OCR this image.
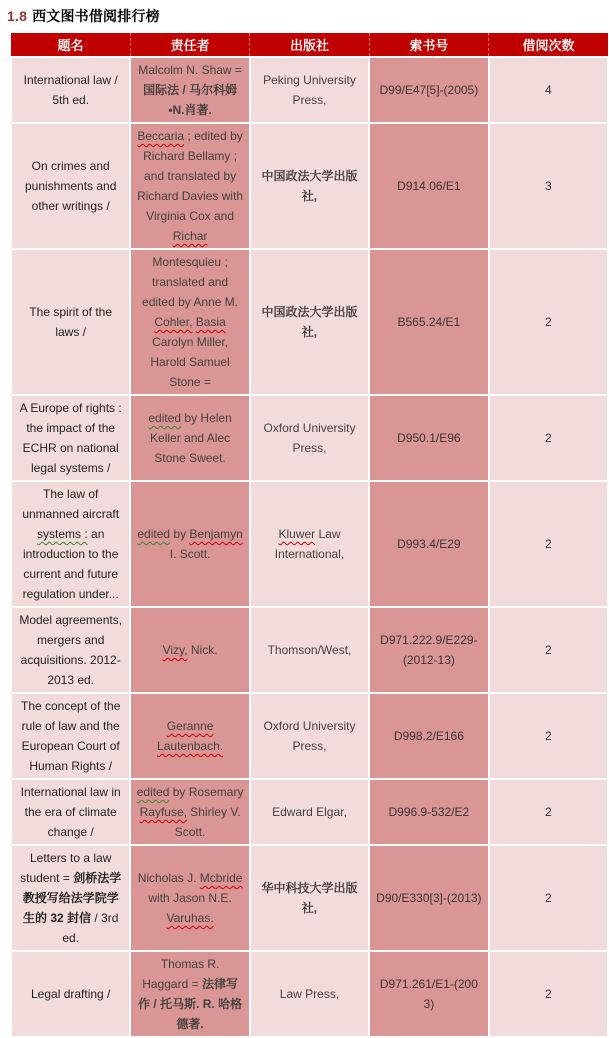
1.8 西文图书借阅排行榜
题名	责任者	出版社	索书号	借阅次数
International law / 5th ed.	Malcolm N. Shaw = 国际法 / 马尔科姆•N.肖著.	Peking University Press,	D99/E47[5]-(2005)	4
On crimes and punishments and other writings /	Beccaria ; edited by Richard Bellamy ; and translated by Richard Davies with Virginia Cox and Richar	中国政法大学出版社,	D914.06/E1	3
The spirit of the laws /	Montesquieu ; translated and edited by Anne M. Cohler, Basia Carolyn Miller, Harold Samuel Stone =	中国政法大学出版社,	B565.24/E1	2
A Europe of rights : the impact of the ECHR on national legal systems /	edited by Helen Keller and Alec Stone Sweet.	Oxford University Press,	D950.1/E96	2
The law of unmanned aircraft systems : an introduction to the current and future regulation under...	edited by Benjamyn I. Scott.	Kluwer Law International,	D993.4/E29	2
Model agreements, mergers and acquisitions. 2012-2013 ed.	Vizy, Nick.	Thomson/West,	D971.222.9/E229-(2012-13)	2
The concept of the rule of law and the European Court of Human Rights /	Geranne Lautenbach.	Oxford University Press,	D998.2/E166	2
International law in the era of climate change /	edited by Rosemary Rayfuse, Shirley V. Scott.	Edward Elgar,	D996.9-532/E2	2
Letters to a law student = 剑桥法学教授写给法学院学生的 32 封信 / 3rd ed.	Nicholas J. Mcbride with Jason N.E. Varuhas.	华中科技大学出版社,	D90/E330[3]-(2013)	2
Legal drafting /	Thomas R. Haggard = 法律写作 / 托马斯. R. 哈格德著.	Law Press,	D971.261/E1-(2003)	2
